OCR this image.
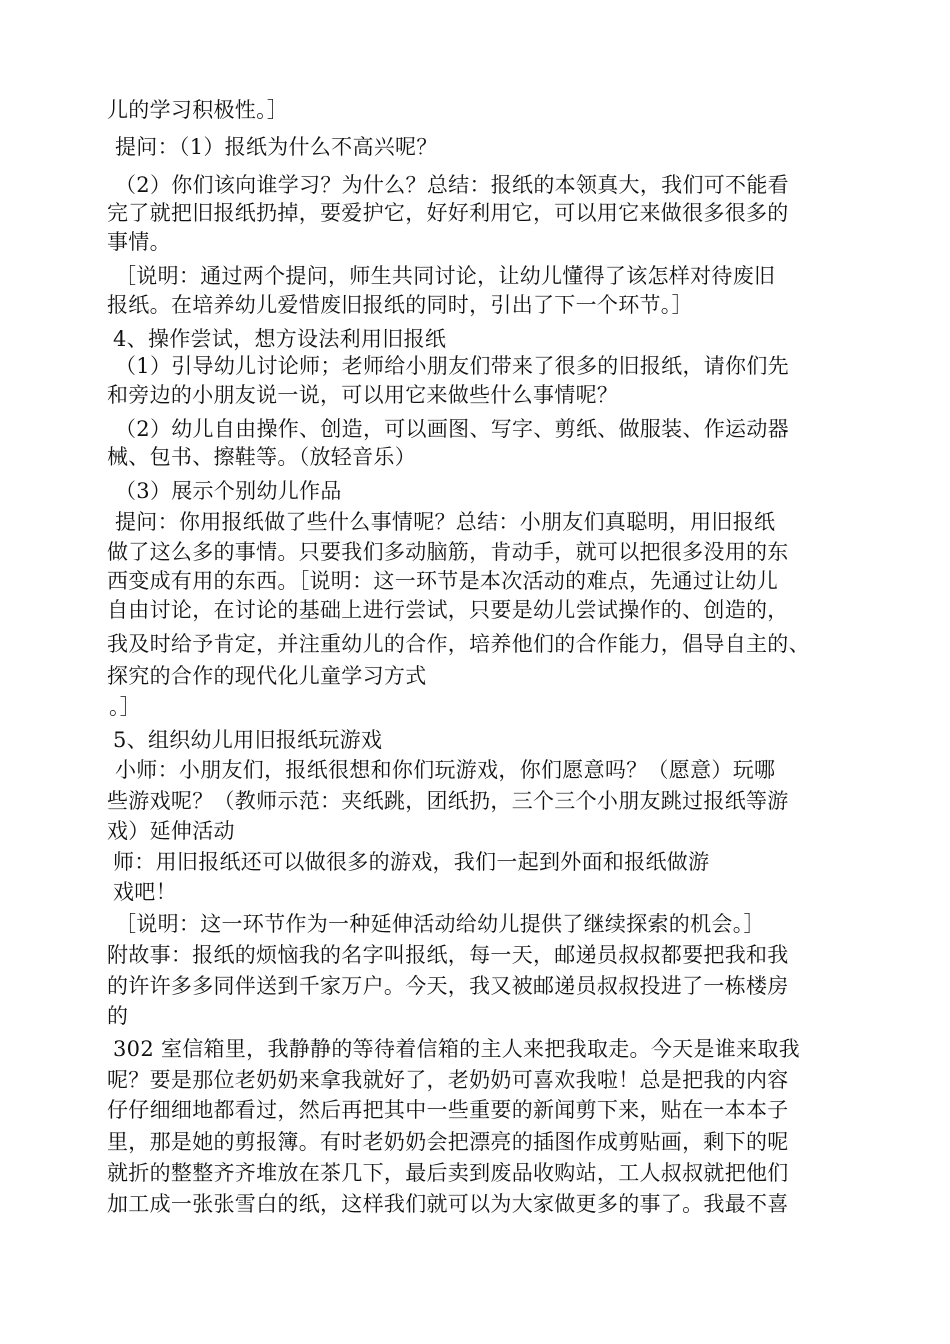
儿的学习积极性。］
提问：（1）报纸为什么不高兴呢？
（2）你们该向谁学习？为什么？总结：报纸的本领真大，我们可不能看
完了就把旧报纸扔掉，要爱护它，好好利用它，可以用它来做很多很多的
事情。
［说明：通过两个提问，师生共同讨论，让幼儿懂得了该怎样对待废旧
报纸。在培养幼儿爱惜废旧报纸的同时，引出了下一个环节。］
4、操作尝试，想方设法利用旧报纸
（1）引导幼儿讨论师；老师给小朋友们带来了很多的旧报纸，请你们先
和旁边的小朋友说一说，可以用它来做些什么事情呢？
（2）幼儿自由操作、创造，可以画图、写字、剪纸、做服装、作运动器
械、包书、擦鞋等。（放轻音乐）
（3）展示个别幼儿作品
提问：你用报纸做了些什么事情呢？总结：小朋友们真聪明，用旧报纸
做了这么多的事情。只要我们多动脑筋，肯动手，就可以把很多没用的东
西变成有用的东西。［说明：这一环节是本次活动的难点，先通过让幼儿
自由讨论，在讨论的基础上进行尝试，只要是幼儿尝试操作的、创造的，
我及时给予肯定，并注重幼儿的合作，培养他们的合作能力，倡导自主的、
探究的合作的现代化儿童学习方式
。］
5、组织幼儿用旧报纸玩游戏
小师：小朋友们，报纸很想和你们玩游戏，你们愿意吗？（愿意）玩哪
些游戏呢？（教师示范：夹纸跳，团纸扔，三个三个小朋友跳过报纸等游
戏）延伸活动
师：用旧报纸还可以做很多的游戏，我们一起到外面和报纸做游
戏吧！
［说明：这一环节作为一种延伸活动给幼儿提供了继续探索的机会。］
附故事：报纸的烦恼我的名字叫报纸，每一天，邮递员叔叔都要把我和我
的许许多多同伴送到千家万户。今天，我又被邮递员叔叔投进了一栋楼房
的
302 室信箱里，我静静的等待着信箱的主人来把我取走。今天是谁来取我
呢？要是那位老奶奶来拿我就好了，老奶奶可喜欢我啦！总是把我的内容
仔仔细细地都看过，然后再把其中一些重要的新闻剪下来，贴在一本本子
里，那是她的剪报簿。有时老奶奶会把漂亮的插图作成剪贴画，剩下的呢
就折的整整齐齐堆放在茶几下，最后卖到废品收购站，工人叔叔就把他们
加工成一张张雪白的纸，这样我们就可以为大家做更多的事了。我最不喜
